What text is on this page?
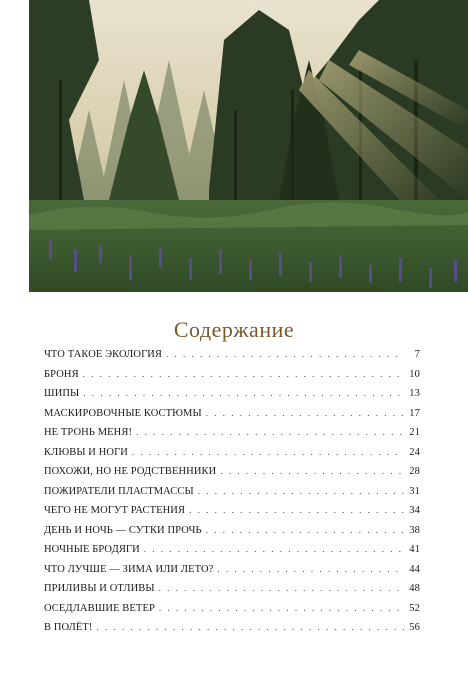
Содержание
ЧТО ТАКОЕ ЭКОЛОГИЯ . . .	7
БРОНЯ . . .	10
ШИПЫ . . .	13
МАСКИРОВОЧНЫЕ КОСТЮМЫ . . .	17
НЕ ТРОНЬ МЕНЯ! . . .	21
КЛЮВЫ И НОГИ . . .	24
ПОХОЖИ, НО НЕ РОДСТВЕННИКИ . . .	28
ПОЖИРАТЕЛИ ПЛАСТМАССЫ . . .	31
ЧЕГО НЕ МОГУТ РАСТЕНИЯ . . .	34
ДЕНЬ И НОЧЬ — СУТКИ ПРОЧЬ . . .	38
НОЧНЫЕ БРОДЯГИ . . .	41
ЧТО ЛУЧШЕ — ЗИМА ИЛИ ЛЕТО? . . .	44
ПРИЛИВЫ И ОТЛИВЫ . . .	48
ОСЕДЛАВШИЕ ВЕТЕР . . .	52
В ПОЛЁТ! . . .	56
